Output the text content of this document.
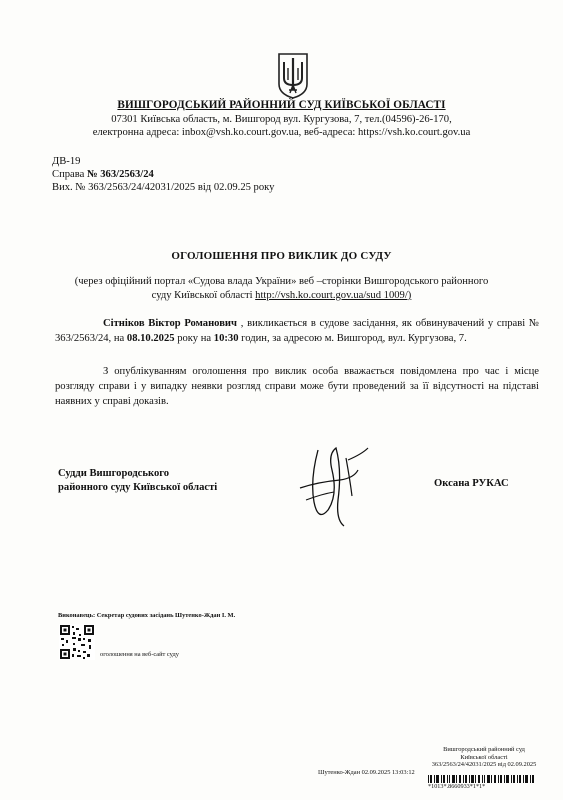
ВИШГОРОДСЬКИЙ РАЙОННИЙ СУД КИЇВСЬКОЇ ОБЛАСТІ
07301 Київська область, м. Вишгород вул. Кургузова, 7, тел.(04596)-26-170,
електронна адреса: inbox@vsh.ko.court.gov.ua, веб-адреса: https://vsh.ko.court.gov.ua
ДВ-19
Справа № 363/2563/24
Вих. № 363/2563/24/42031/2025 від 02.09.25 року
ОГОЛОШЕННЯ ПРО ВИКЛИК ДО СУДУ
(через офіційний портал «Судова влада України» веб –сторінки Вишгородського районного
суду Київської області http://vsh.ko.court.gov.ua/sud 1009/)
Сітніков Віктор Романович , викликається в судове засідання, як обвинувачений у справі № 363/2563/24, на 08.10.2025 року на 10:30 годин, за адресою м. Вишгород, вул. Кургузова, 7.
З опублікуванням оголошення про виклик особа вважається повідомлена про час і місце розгляду справи і у випадку неявки розгляд справи може бути проведений за її відсутності на підставі наявних у справі доказів.
Судди Вишгородського
районного суду Київської області	Оксана РУКАС
Виконавець: Секретар судових засідань Шутенко-Ждан І. М.
оголошення на веб-сайт суду
Вишгородський районний суд
Київської області
363/2563/24/42031/2025 від 02.09.2025
Шутенко-Ждан 02.09.2025 13:03:12
*1013*.8660933*1*1*
